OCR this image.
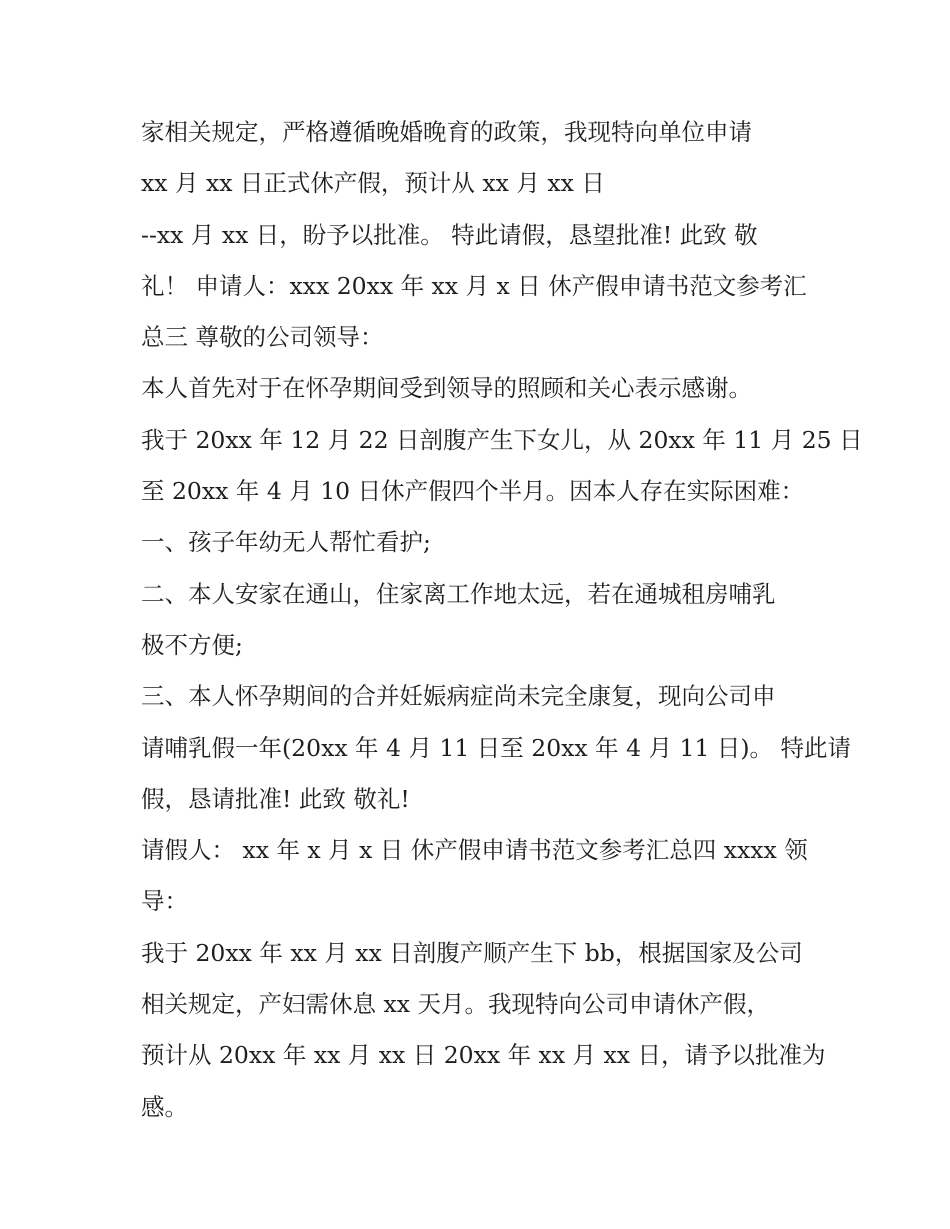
家相关规定，严格遵循晚婚晚育的政策，我现特向单位申请
xx 月 xx 日正式休产假，预计从 xx 月 xx 日
--xx 月 xx 日，盼予以批准。 特此请假，恳望批准! 此致 敬
礼！ 申请人：xxx 20xx 年 xx 月 x 日 休产假申请书范文参考汇
总三 尊敬的公司领导：
本人首先对于在怀孕期间受到领导的照顾和关心表示感谢。
我于 20xx 年 12 月 22 日剖腹产生下女儿，从 20xx 年 11 月 25 日
至 20xx 年 4 月 10 日休产假四个半月。因本人存在实际困难：
一、孩子年幼无人帮忙看护;
二、本人安家在通山，住家离工作地太远，若在通城租房哺乳
极不方便;
三、本人怀孕期间的合并妊娠病症尚未完全康复，现向公司申
请哺乳假一年(20xx 年 4 月 11 日至 20xx 年 4 月 11 日)。 特此请
假，恳请批准! 此致 敬礼!
请假人： xx 年 x 月 x 日 休产假申请书范文参考汇总四 xxxx 领
导：
我于 20xx 年 xx 月 xx 日剖腹产顺产生下 bb，根据国家及公司
相关规定，产妇需休息 xx 天月。我现特向公司申请休产假，
预计从 20xx 年 xx 月 xx 日 20xx 年 xx 月 xx 日，请予以批准为
感。
